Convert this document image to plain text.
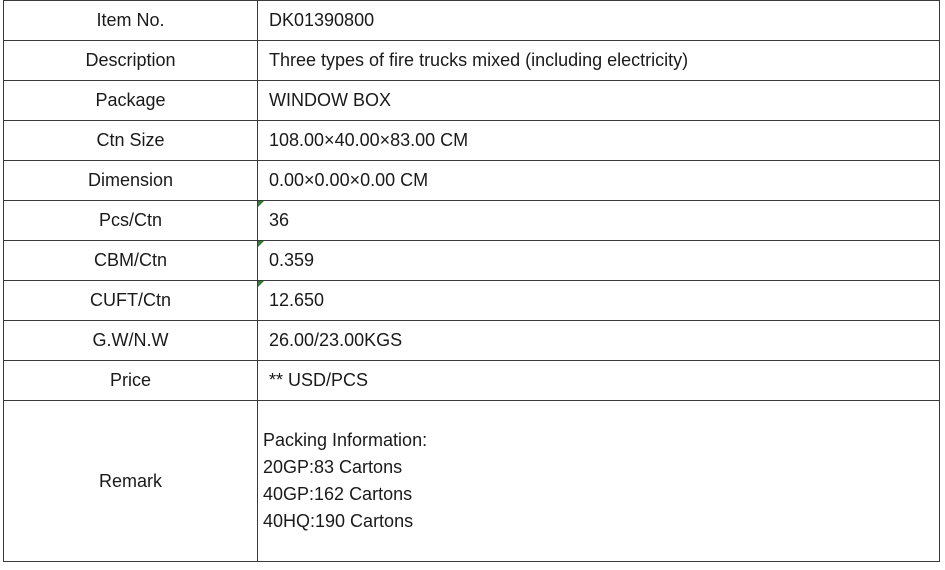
Item No.	DK01390800
Description	Three types of fire trucks mixed (including electricity)
Package	WINDOW BOX
Ctn Size	108.00×40.00×83.00 CM
Dimension	0.00×0.00×0.00 CM
Pcs/Ctn	36
CBM/Ctn	0.359
CUFT/Ctn	12.650
G.W/N.W	26.00/23.00KGS
Price	** USD/PCS
Remark	Packing Information:
20GP:83 Cartons
40GP:162 Cartons
40HQ:190 Cartons
